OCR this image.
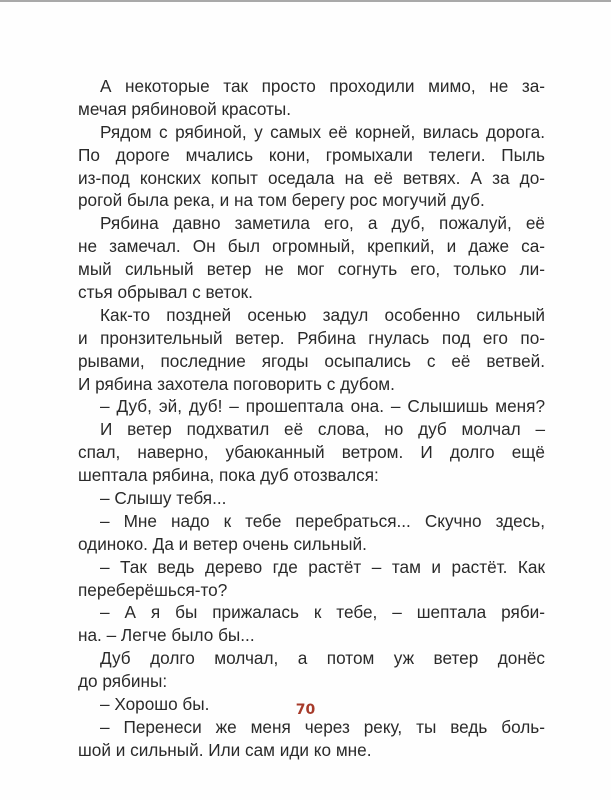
А некоторые так просто проходили мимо, не за-
мечая рябиновой красоты.
Рядом с рябиной, у самых её корней, вилась дорога.
По дороге мчались кони, громыхали телеги. Пыль
из-под конских копыт оседала на её ветвях. А за до-
рогой была река, и на том берегу рос могучий дуб.
Рябина давно заметила его, а дуб, пожалуй, её
не замечал. Он был огромный, крепкий, и даже са-
мый сильный ветер не мог согнуть его, только ли-
стья обрывал с веток.
Как-то поздней осенью задул особенно сильный
и пронзительный ветер. Рябина гнулась под его по-
рывами, последние ягоды осыпались с её ветвей.
И рябина захотела поговорить с дубом.
– Дуб, эй, дуб! – прошептала она. – Слышишь меня?
И ветер подхватил её слова, но дуб молчал –
спал, наверно, убаюканный ветром. И долго ещё
шептала рябина, пока дуб отозвался:
– Слышу тебя...
– Мне надо к тебе перебраться... Скучно здесь,
одиноко. Да и ветер очень сильный.
– Так ведь дерево где растёт – там и растёт. Как
переберёшься-то?
– А я бы прижалась к тебе, – шептала ряби-
на. – Легче было бы...
Дуб долго молчал, а потом уж ветер донёс
до рябины:
– Хорошо бы.
– Перенеси же меня через реку, ты ведь боль-
шой и сильный. Или сам иди ко мне.
70
